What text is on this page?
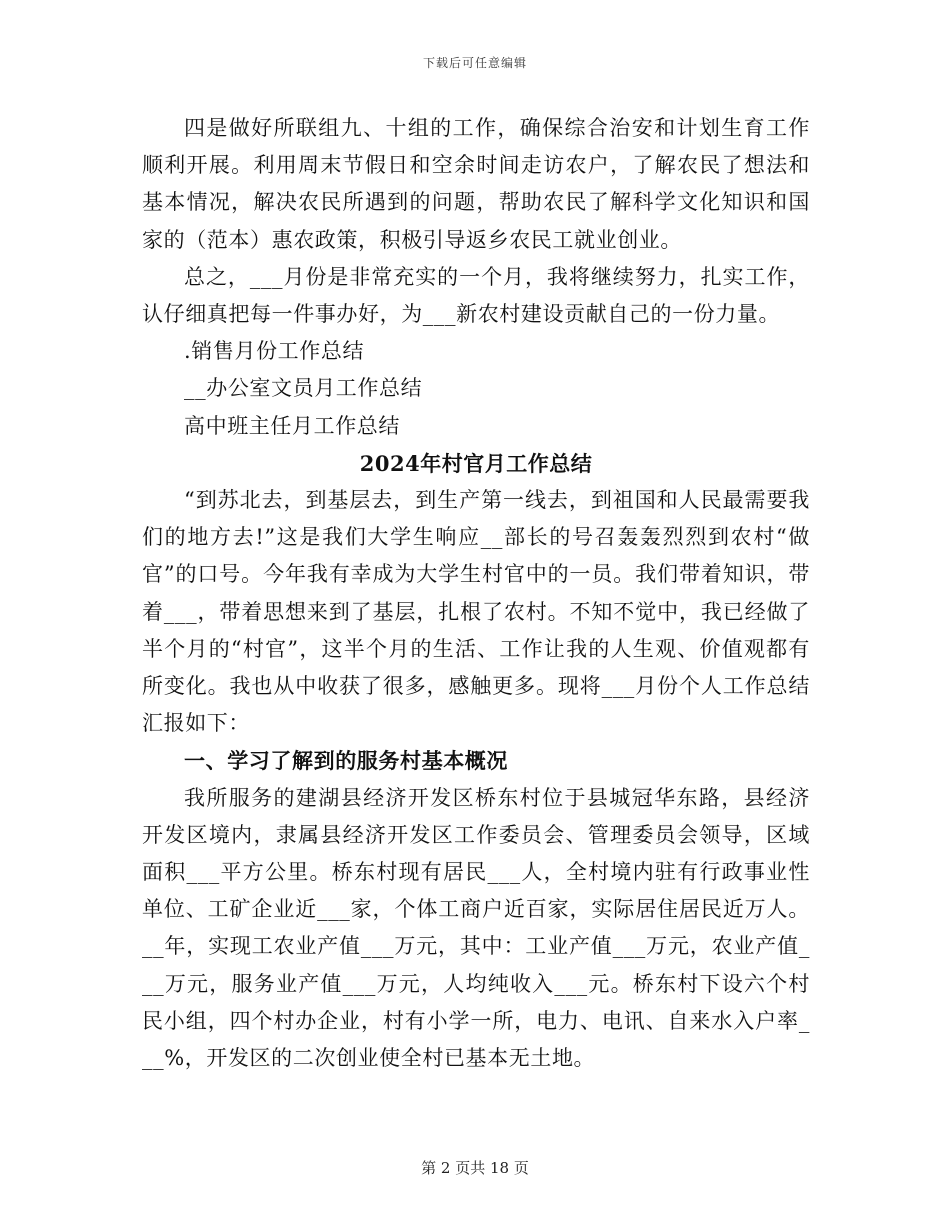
下载后可任意编辑

四是做好所联组九、十组的工作，确保综合治安和计划生育工作顺利开展。利用周末节假日和空余时间走访农户，了解农民了想法和基本情况，解决农民所遇到的问题，帮助农民了解科学文化知识和国家的（范本）惠农政策，积极引导返乡农民工就业创业。

总之，___月份是非常充实的一个月，我将继续努力，扎实工作，认仔细真把每一件事办好，为___新农村建设贡献自己的一份力量。

.销售月份工作总结

__办公室文员月工作总结

高中班主任月工作总结

2024年村官月工作总结

“到苏北去，到基层去，到生产第一线去，到祖国和人民最需要我们的地方去!”这是我们大学生响应__部长的号召轰轰烈烈到农村“做官”的口号。今年我有幸成为大学生村官中的一员。我们带着知识，带着___，带着思想来到了基层，扎根了农村。不知不觉中，我已经做了半个月的“村官”，这半个月的生活、工作让我的人生观、价值观都有所变化。我也从中收获了很多，感触更多。现将___月份个人工作总结汇报如下：

一、学习了解到的服务村基本概况

我所服务的建湖县经济开发区桥东村位于县城冠华东路，县经济开发区境内，隶属县经济开发区工作委员会、管理委员会领导，区域面积___平方公里。桥东村现有居民___人，全村境内驻有行政事业性单位、工矿企业近___家，个体工商户近百家，实际居住居民近万人。__年，实现工农业产值___万元，其中：工业产值___万元，农业产值___万元，服务业产值___万元，人均纯收入___元。桥东村下设六个村民小组，四个村办企业，村有小学一所，电力、电讯、自来水入户率___%，开发区的二次创业使全村已基本无土地。

第 2 页共 18 页
